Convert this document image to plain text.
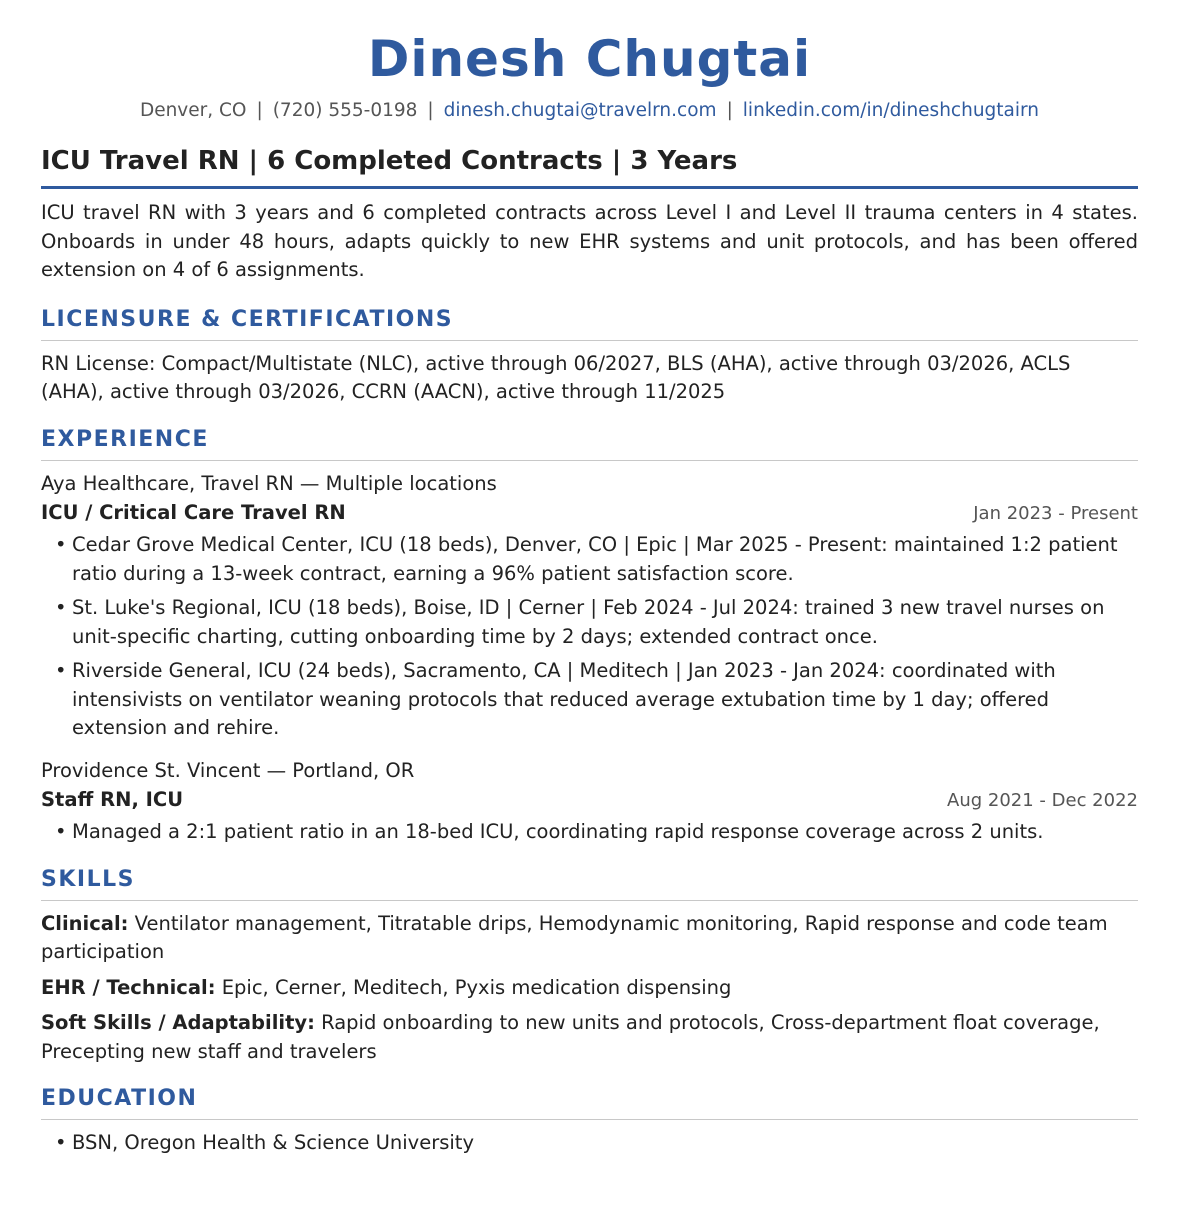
Dinesh Chugtai
Denver, CO | (720) 555-0198 | dinesh.chugtai@travelrn.com | linkedin.com/in/dineshchugtairn
ICU Travel RN | 6 Completed Contracts | 3 Years
ICU travel RN with 3 years and 6 completed contracts across Level I and Level II trauma centers in 4 states. Onboards in under 48 hours, adapts quickly to new EHR systems and unit protocols, and has been offered extension on 4 of 6 assignments.
LICENSURE & CERTIFICATIONS
RN License: Compact/Multistate (NLC), active through 06/2027, BLS (AHA), active through 03/2026, ACLS (AHA), active through 03/2026, CCRN (AACN), active through 11/2025
EXPERIENCE
Aya Healthcare, Travel RN — Multiple locations
ICU / Critical Care Travel RN	Jan 2023 - Present
• Cedar Grove Medical Center, ICU (18 beds), Denver, CO | Epic | Mar 2025 - Present: maintained 1:2 patient ratio during a 13-week contract, earning a 96% patient satisfaction score.
• St. Luke's Regional, ICU (18 beds), Boise, ID | Cerner | Feb 2024 - Jul 2024: trained 3 new travel nurses on unit-specific charting, cutting onboarding time by 2 days; extended contract once.
• Riverside General, ICU (24 beds), Sacramento, CA | Meditech | Jan 2023 - Jan 2024: coordinated with intensivists on ventilator weaning protocols that reduced average extubation time by 1 day; offered extension and rehire.
Providence St. Vincent — Portland, OR
Staff RN, ICU	Aug 2021 - Dec 2022
• Managed a 2:1 patient ratio in an 18-bed ICU, coordinating rapid response coverage across 2 units.
SKILLS
Clinical: Ventilator management, Titratable drips, Hemodynamic monitoring, Rapid response and code team participation
EHR / Technical: Epic, Cerner, Meditech, Pyxis medication dispensing
Soft Skills / Adaptability: Rapid onboarding to new units and protocols, Cross-department float coverage, Precepting new staff and travelers
EDUCATION
• BSN, Oregon Health & Science University
